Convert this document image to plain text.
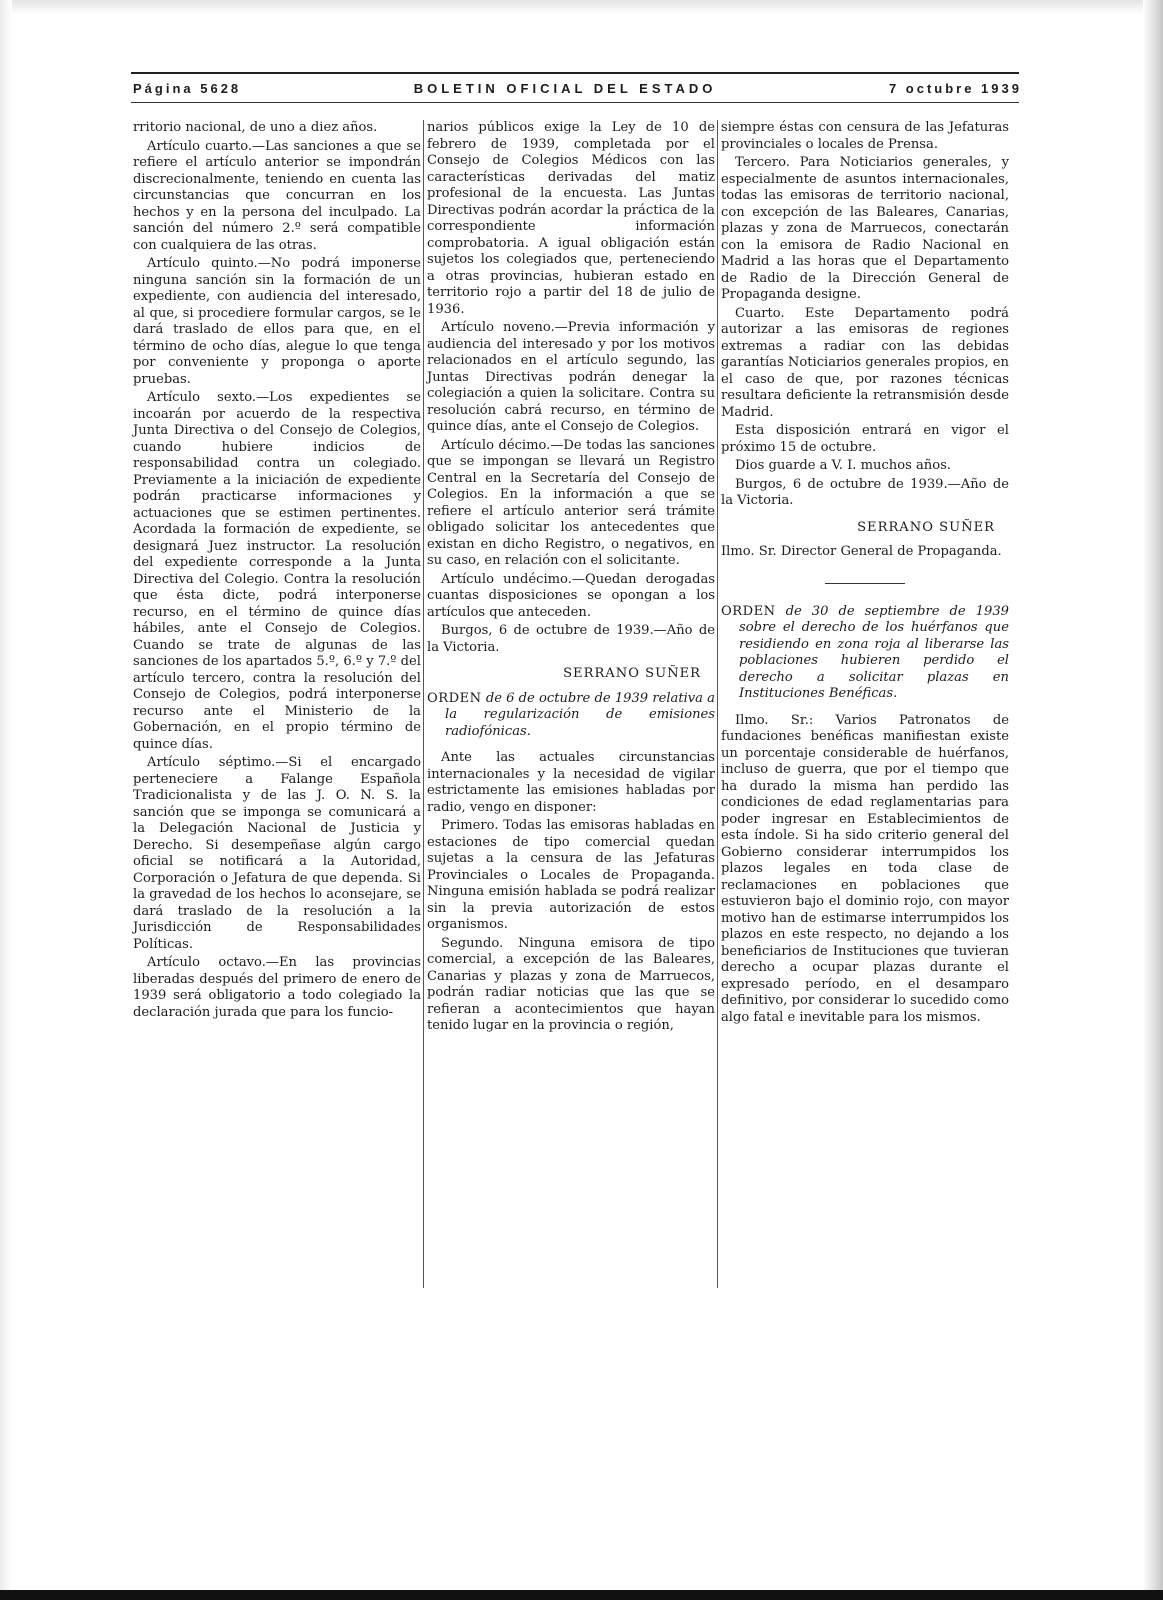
Página 5628	BOLETIN OFICIAL DEL ESTADO	7 octubre 1939

rritorio nacional, de uno a diez años.

Artículo cuarto.—Las sanciones a que se refiere el artículo anterior se impondrán discrecionalmente, teniendo en cuenta las circunstancias que concurran en los hechos y en la persona del inculpado. La sanción del número 2.º será compatible con cualquiera de las otras.

Artículo quinto.—No podrá imponerse ninguna sanción sin la formación de un expediente, con audiencia del interesado, al que, si procediere formular cargos, se le dará traslado de ellos para que, en el término de ocho días, alegue lo que tenga por conveniente y proponga o aporte pruebas.

Artículo sexto.—Los expedientes se incoarán por acuerdo de la respectiva Junta Directiva o del Consejo de Colegios, cuando hubiere indicios de responsabilidad contra un colegiado. Previamente a la iniciación de expediente podrán practicarse informaciones y actuaciones que se estimen pertinentes. Acordada la formación de expediente, se designará Juez instructor. La resolución del expediente corresponde a la Junta Directiva del Colegio. Contra la resolución que ésta dicte, podrá interponerse recurso, en el término de quince días hábiles, ante el Consejo de Colegios. Cuando se trate de algunas de las sanciones de los apartados 5.º, 6.º y 7.º del artículo tercero, contra la resolución del Consejo de Colegios, podrá interponerse recurso ante el Ministerio de la Gobernación, en el propio término de quince días.

Artículo séptimo.—Si el encargado perteneciere a Falange Española Tradicionalista y de las J. O. N. S. la sanción que se imponga se comunicará a la Delegación Nacional de Justicia y Derecho. Si desempeñase algún cargo oficial se notificará a la Autoridad, Corporación o Jefatura de que dependa. Si la gravedad de los hechos lo aconsejare, se dará traslado de la resolución a la Jurisdicción de Responsabilidades Políticas.

Artículo octavo.—En las provincias liberadas después del primero de enero de 1939 será obligatorio a todo colegiado la declaración jurada que para los funcio-

narios públicos exige la Ley de 10 de febrero de 1939, completada por el Consejo de Colegios Médicos con las características derivadas del matiz profesional de la encuesta. Las Juntas Directivas podrán acordar la práctica de la correspondiente información comprobatoria. A igual obligación están sujetos los colegiados que, perteneciendo a otras provincias, hubieran estado en territorio rojo a partir del 18 de julio de 1936.

Artículo noveno.—Previa información y audiencia del interesado y por los motivos relacionados en el artículo segundo, las Juntas Directivas podrán denegar la colegiación a quien la solicitare. Contra su resolución cabrá recurso, en término de quince días, ante el Consejo de Colegios.

Artículo décimo.—De todas las sanciones que se impongan se llevará un Registro Central en la Secretaría del Consejo de Colegios. En la información a que se refiere el artículo anterior será trámite obligado solicitar los antecedentes que existan en dicho Registro, o negativos, en su caso, en relación con el solicitante.

Artículo undécimo.—Quedan derogadas cuantas disposiciones se opongan a los artículos que anteceden.

Burgos, 6 de octubre de 1939.—Año de la Victoria.

SERRANO SUÑER
ORDEN de 6 de octubre de 1939 relativa a la regularización de emisiones radiofónicas.

Ante las actuales circunstancias internacionales y la necesidad de vigilar estrictamente las emisiones habladas por radio, vengo en disponer:

Primero. Todas las emisoras habladas en estaciones de tipo comercial quedan sujetas a la censura de las Jefaturas Provinciales o Locales de Propaganda. Ninguna emisión hablada se podrá realizar sin la previa autorización de estos organismos.

Segundo. Ninguna emisora de tipo comercial, a excepción de las Baleares, Canarias y plazas y zona de Marruecos, podrán radiar noticias que las que se refieran a acontecimientos que hayan tenido lugar en la provincia o región,

siempre éstas con censura de las Jefaturas provinciales o locales de Prensa.

Tercero. Para Noticiarios generales, y especialmente de asuntos internacionales, todas las emisoras de territorio nacional, con excepción de las Baleares, Canarias, plazas y zona de Marruecos, conectarán con la emisora de Radio Nacional en Madrid a las horas que el Departamento de Radio de la Dirección General de Propaganda designe.

Cuarto. Este Departamento podrá autorizar a las emisoras de regiones extremas a radiar con las debidas garantías Noticiarios generales propios, en el caso de que, por razones técnicas resultara deficiente la retransmisión desde Madrid.

Esta disposición entrará en vigor el próximo 15 de octubre.

Dios guarde a V. I. muchos años.

Burgos, 6 de octubre de 1939.—Año de la Victoria.

SERRANO SUÑER
Ilmo. Sr. Director General de Propaganda.
ORDEN de 30 de septiembre de 1939 sobre el derecho de los huérfanos que residiendo en zona roja al liberarse las poblaciones hubieren perdido el derecho a solicitar plazas en Instituciones Benéficas.

Ilmo. Sr.: Varios Patronatos de fundaciones benéficas manifiestan existe un porcentaje considerable de huérfanos, incluso de guerra, que por el tiempo que ha durado la misma han perdido las condiciones de edad reglamentarias para poder ingresar en Establecimientos de esta índole. Si ha sido criterio general del Gobierno considerar interrumpidos los plazos legales en toda clase de reclamaciones en poblaciones que estuvieron bajo el dominio rojo, con mayor motivo han de estimarse interrumpidos los plazos en este respecto, no dejando a los beneficiarios de Instituciones que tuvieran derecho a ocupar plazas durante el expresado período, en el desamparo definitivo, por considerar lo sucedido como algo fatal e inevitable para los mismos.
